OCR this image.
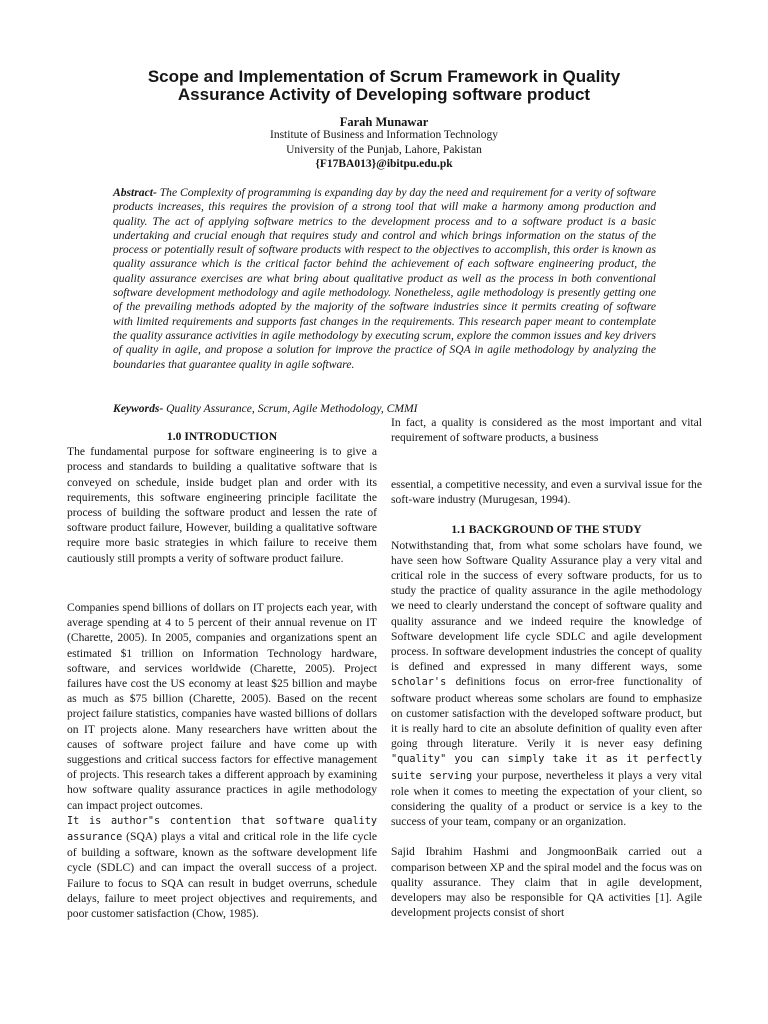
Scope and Implementation of Scrum Framework in Quality
Assurance Activity of Developing software product

Farah Munawar

Institute of Business and Information Technology

University of the Punjab, Lahore, Pakistan

{F17BA013}@ibitpu.edu.pk

Abstract- The Complexity of programming is expanding day by day the need and requirement for a verity of software products increases, this requires the provision of a strong tool that will make a harmony among production and quality. The act of applying software metrics to the development process and to a software product is a basic undertaking and crucial enough that requires study and control and which brings information on the status of the process or potentially result of software products with respect to the objectives to accomplish, this order is known as quality assurance which is the critical factor behind the achievement of each software engineering product, the quality assurance exercises are what bring about qualitative product as well as the process in both conventional software development methodology and agile methodology. Nonetheless, agile methodology is presently getting one of the prevailing methods adopted by the majority of the software industries since it permits creating of software with limited requirements and supports fast changes in the requirements. This research paper meant to contemplate the quality assurance activities in agile methodology by executing scrum, explore the common issues and key drivers of quality in agile, and propose a solution for improve the practice of SQA in agile methodology by analyzing the boundaries that guarantee quality in agile software.

Keywords- Quality Assurance, Scrum, Agile Methodology, CMMI

1.0 INTRODUCTION

The fundamental purpose for software engineering is to give a process and standards to building a qualitative software that is conveyed on schedule, inside budget plan and order with its requirements, this software engineering principle facilitate the process of building the software product and lessen the rate of software product failure, However, building a qualitative software require more basic strategies in which failure to receive them cautiously still prompts a verity of software product failure.

Companies spend billions of dollars on IT projects each year, with average spending at 4 to 5 percent of their annual revenue on IT (Charette, 2005). In 2005, companies and organizations spent an estimated $1 trillion on Information Technology hardware, software, and services worldwide (Charette, 2005). Project failures have cost the US economy at least $25 billion and maybe as much as $75 billion (Charette, 2005). Based on the recent project failure statistics, companies have wasted billions of dollars on IT projects alone. Many researchers have written about the causes of software project failure and have come up with suggestions and critical success factors for effective management of projects. This research takes a different approach by examining how software quality assurance practices in agile methodology can impact project outcomes.

It is author"s contention that software quality assurance (SQA) plays a vital and critical role in the life cycle of building a software, known as the software development life cycle (SDLC) and can impact the overall success of a project. Failure to focus to SQA can result in budget overruns, schedule delays, failure to meet project objectives and requirements, and poor customer satisfaction (Chow, 1985).

In fact, a quality is considered as the most important and vital requirement of software products, a business

essential, a competitive necessity, and even a survival issue for the soft-ware industry (Murugesan, 1994).

1.1 BACKGROUND OF THE STUDY

Notwithstanding that, from what some scholars have found, we have seen how Software Quality Assurance play a very vital and critical role in the success of every software products, for us to study the practice of quality assurance in the agile methodology we need to clearly understand the concept of software quality and quality assurance and we indeed require the knowledge of Software development life cycle SDLC and agile development process. In software development industries the concept of quality is defined and expressed in many different ways, some scholar's definitions focus on error-free functionality of software product whereas some scholars are found to emphasize on customer satisfaction with the developed software product, but it is really hard to cite an absolute definition of quality even after going through literature. Verily it is never easy defining "quality" you can simply take it as it perfectly suite serving your purpose, nevertheless it plays a very vital role when it comes to meeting the expectation of your client, so considering the quality of a product or service is a key to the success of your team, company or an organization.

Sajid Ibrahim Hashmi and JongmoonBaik carried out a comparison between XP and the spiral model and the focus was on quality assurance. They claim that in agile development, developers may also be responsible for QA activities [1]. Agile development projects consist of short
